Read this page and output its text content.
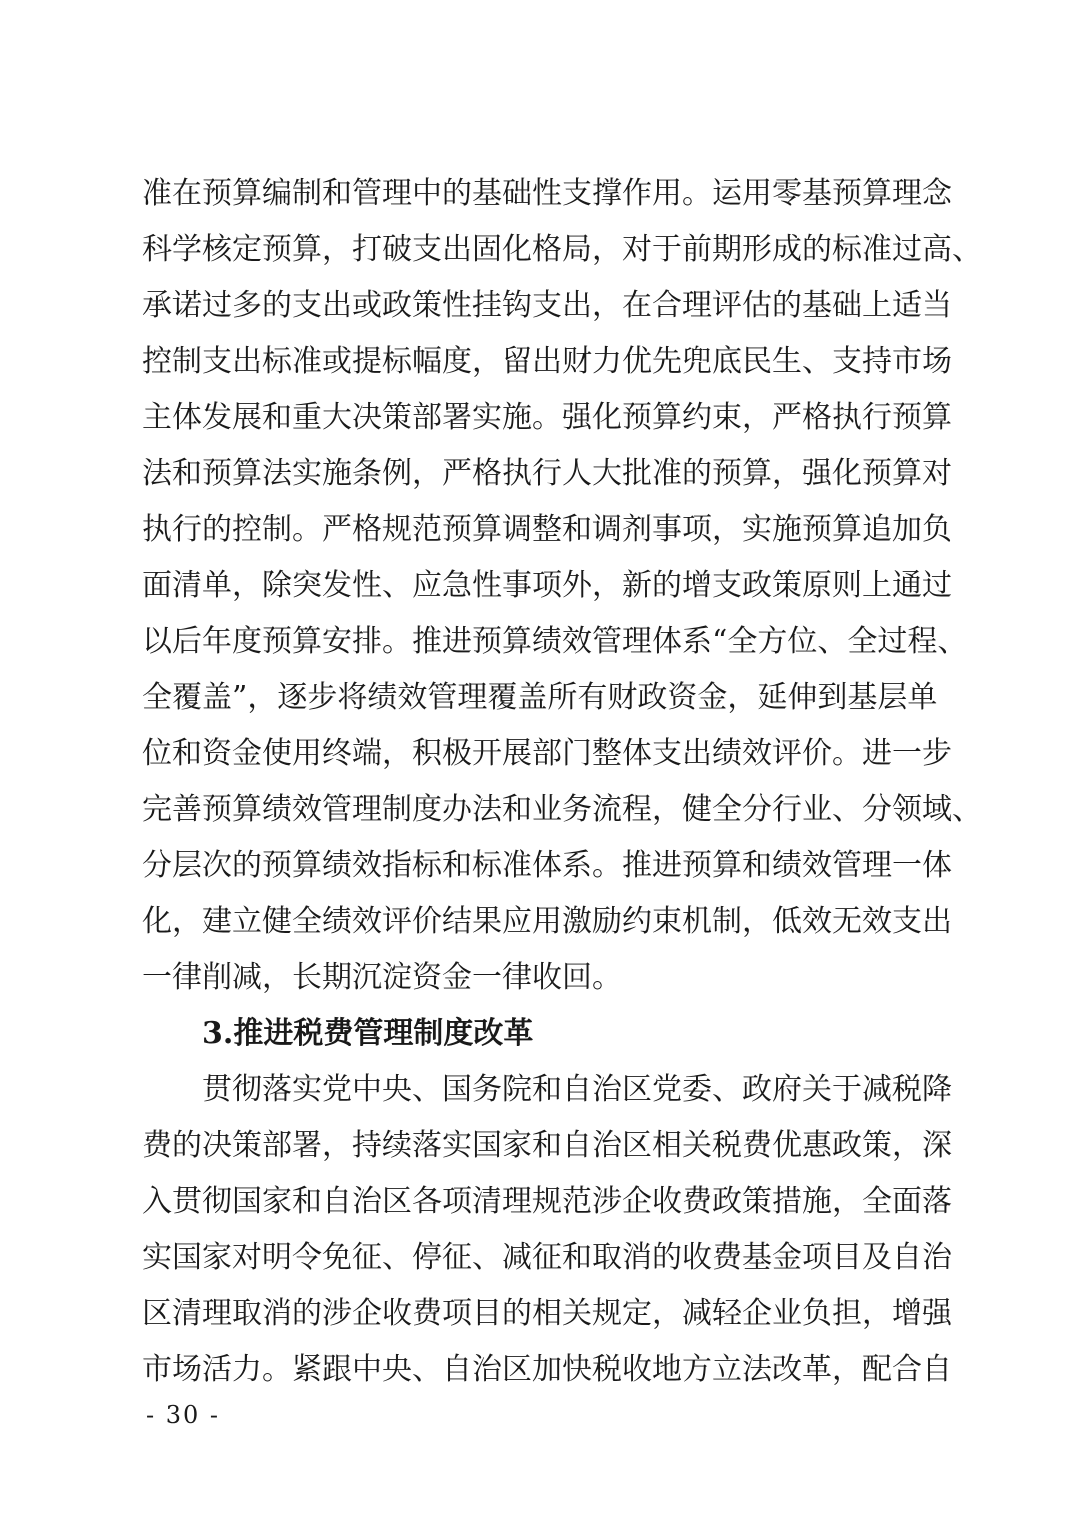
准在预算编制和管理中的基础性支撑作用。运用零基预算理念
科学核定预算，打破支出固化格局，对于前期形成的标准过高、
承诺过多的支出或政策性挂钩支出，在合理评估的基础上适当
控制支出标准或提标幅度，留出财力优先兜底民生、支持市场
主体发展和重大决策部署实施。强化预算约束，严格执行预算
法和预算法实施条例，严格执行人大批准的预算，强化预算对
执行的控制。严格规范预算调整和调剂事项，实施预算追加负
面清单，除突发性、应急性事项外，新的增支政策原则上通过
以后年度预算安排。推进预算绩效管理体系“全方位、全过程、
全覆盖”，逐步将绩效管理覆盖所有财政资金，延伸到基层单
位和资金使用终端，积极开展部门整体支出绩效评价。进一步
完善预算绩效管理制度办法和业务流程，健全分行业、分领域、
分层次的预算绩效指标和标准体系。推进预算和绩效管理一体
化，建立健全绩效评价结果应用激励约束机制，低效无效支出
一律削减，长期沉淀资金一律收回。
3.推进税费管理制度改革
贯彻落实党中央、国务院和自治区党委、政府关于减税降
费的决策部署，持续落实国家和自治区相关税费优惠政策，深
入贯彻国家和自治区各项清理规范涉企收费政策措施，全面落
实国家对明令免征、停征、减征和取消的收费基金项目及自治
区清理取消的涉企收费项目的相关规定，减轻企业负担，增强
市场活力。紧跟中央、自治区加快税收地方立法改革，配合自
- 30 -
